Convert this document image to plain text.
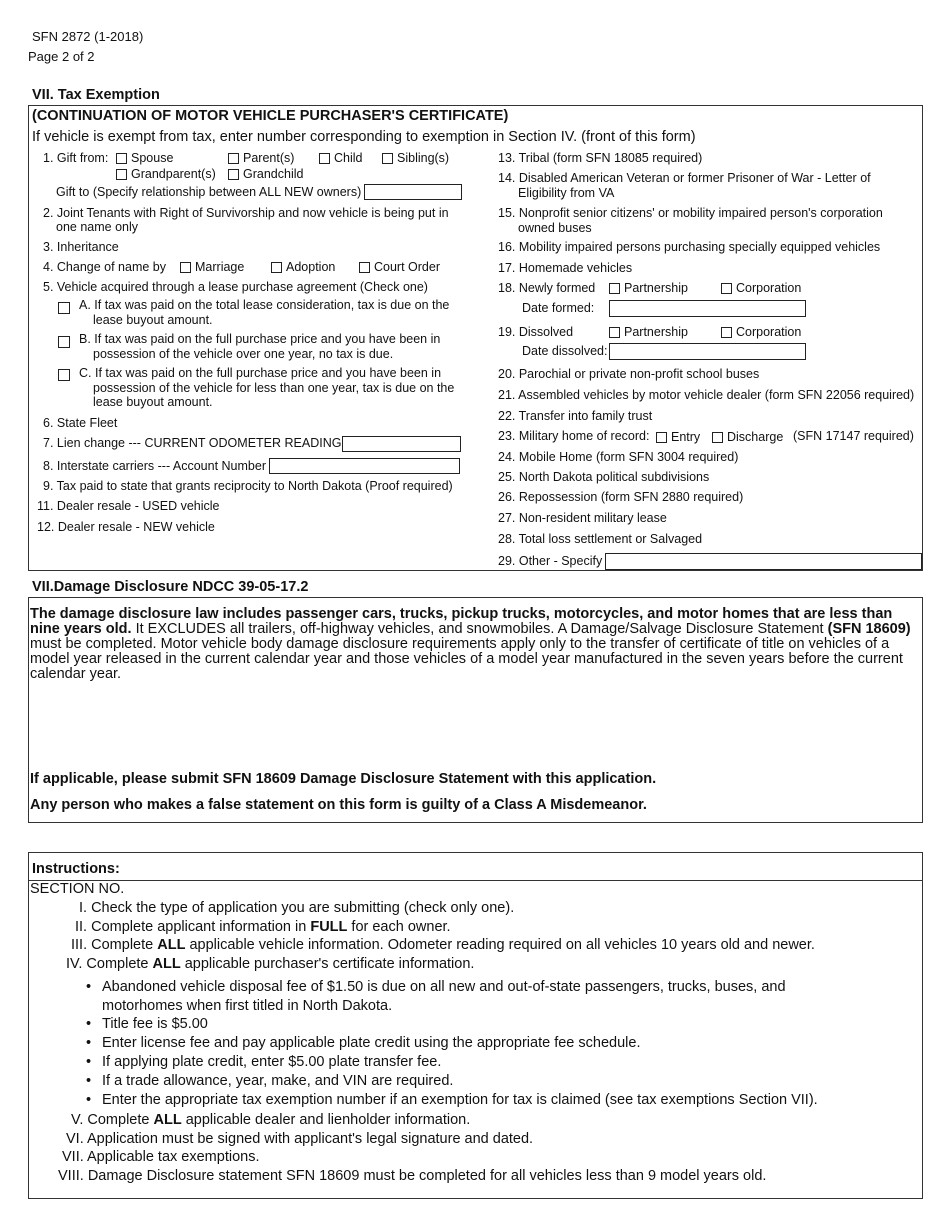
SFN 2872 (1-2018)
Page 2 of 2
VII. Tax Exemption
(CONTINUATION OF MOTOR VEHICLE PURCHASER'S CERTIFICATE)
If vehicle is exempt from tax, enter number corresponding to exemption in Section IV. (front of this form)
1. Gift from:	Spouse	Parent(s)	Child	Sibling(s)
Grandparent(s)	Grandchild
Gift to (Specify relationship between ALL NEW owners)
2. Joint Tenants with Right of Survivorship and now vehicle is being put in
one name only
3. Inheritance
4. Change of name by	Marriage	Adoption	Court Order
5. Vehicle acquired through a lease purchase agreement (Check one)
A. If tax was paid on the total lease consideration, tax is due on the
lease buyout amount.
B. If tax was paid on the full purchase price and you have been in
possession of the vehicle over one year, no tax is due.
C. If tax was paid on the full purchase price and you have been in
possession of the vehicle for less than one year, tax is due on the
lease buyout amount.
6. State Fleet
7. Lien change --- CURRENT ODOMETER READING
8. Interstate carriers --- Account Number
9. Tax paid to state that grants reciprocity to North Dakota (Proof required)
11. Dealer resale - USED vehicle
12. Dealer resale - NEW vehicle
13. Tribal (form SFN 18085 required)
14. Disabled American Veteran or former Prisoner of War - Letter of
Eligibility from VA
15. Nonprofit senior citizens' or mobility impaired person's corporation
owned buses
16. Mobility impaired persons purchasing specially equipped vehicles
17. Homemade vehicles
18. Newly formed	Partnership	Corporation
Date formed:
19. Dissolved	Partnership	Corporation
Date dissolved:
20. Parochial or private non-profit school buses
21. Assembled vehicles by motor vehicle dealer (form SFN 22056 required)
22. Transfer into family trust
23. Military home of record:	Entry	Discharge (SFN 17147 required)
24. Mobile Home (form SFN 3004 required)
25. North Dakota political subdivisions
26. Repossession (form SFN 2880 required)
27. Non-resident military lease
28. Total loss settlement or Salvaged
29. Other - Specify
VII.Damage Disclosure NDCC 39-05-17.2
The damage disclosure law includes passenger cars, trucks, pickup trucks, motorcycles, and motor homes that are less than nine years old. It EXCLUDES all trailers, off-highway vehicles, and snowmobiles. A Damage/Salvage Disclosure Statement (SFN 18609) must be completed. Motor vehicle body damage disclosure requirements apply only to the transfer of certificate of title on vehicles of a model year released in the current calendar year and those vehicles of a model year manufactured in the seven years before the current calendar year.
If applicable, please submit SFN 18609 Damage Disclosure Statement with this application.
Any person who makes a false statement on this form is guilty of a Class A Misdemeanor.
Instructions:
SECTION NO.
I. Check the type of application you are submitting (check only one).
II. Complete applicant information in FULL for each owner.
III. Complete ALL applicable vehicle information. Odometer reading required on all vehicles 10 years old and newer.
IV. Complete ALL applicable purchaser's certificate information.
• Abandoned vehicle disposal fee of $1.50 is due on all new and out-of-state passengers, trucks, buses, and
motorhomes when first titled in North Dakota.
• Title fee is $5.00
• Enter license fee and pay applicable plate credit using the appropriate fee schedule.
• If applying plate credit, enter $5.00 plate transfer fee.
• If a trade allowance, year, make, and VIN are required.
• Enter the appropriate tax exemption number if an exemption for tax is claimed (see tax exemptions Section VII).
V. Complete ALL applicable dealer and lienholder information.
VI. Application must be signed with applicant's legal signature and dated.
VII. Applicable tax exemptions.
VIII. Damage Disclosure statement SFN 18609 must be completed for all vehicles less than 9 model years old.
